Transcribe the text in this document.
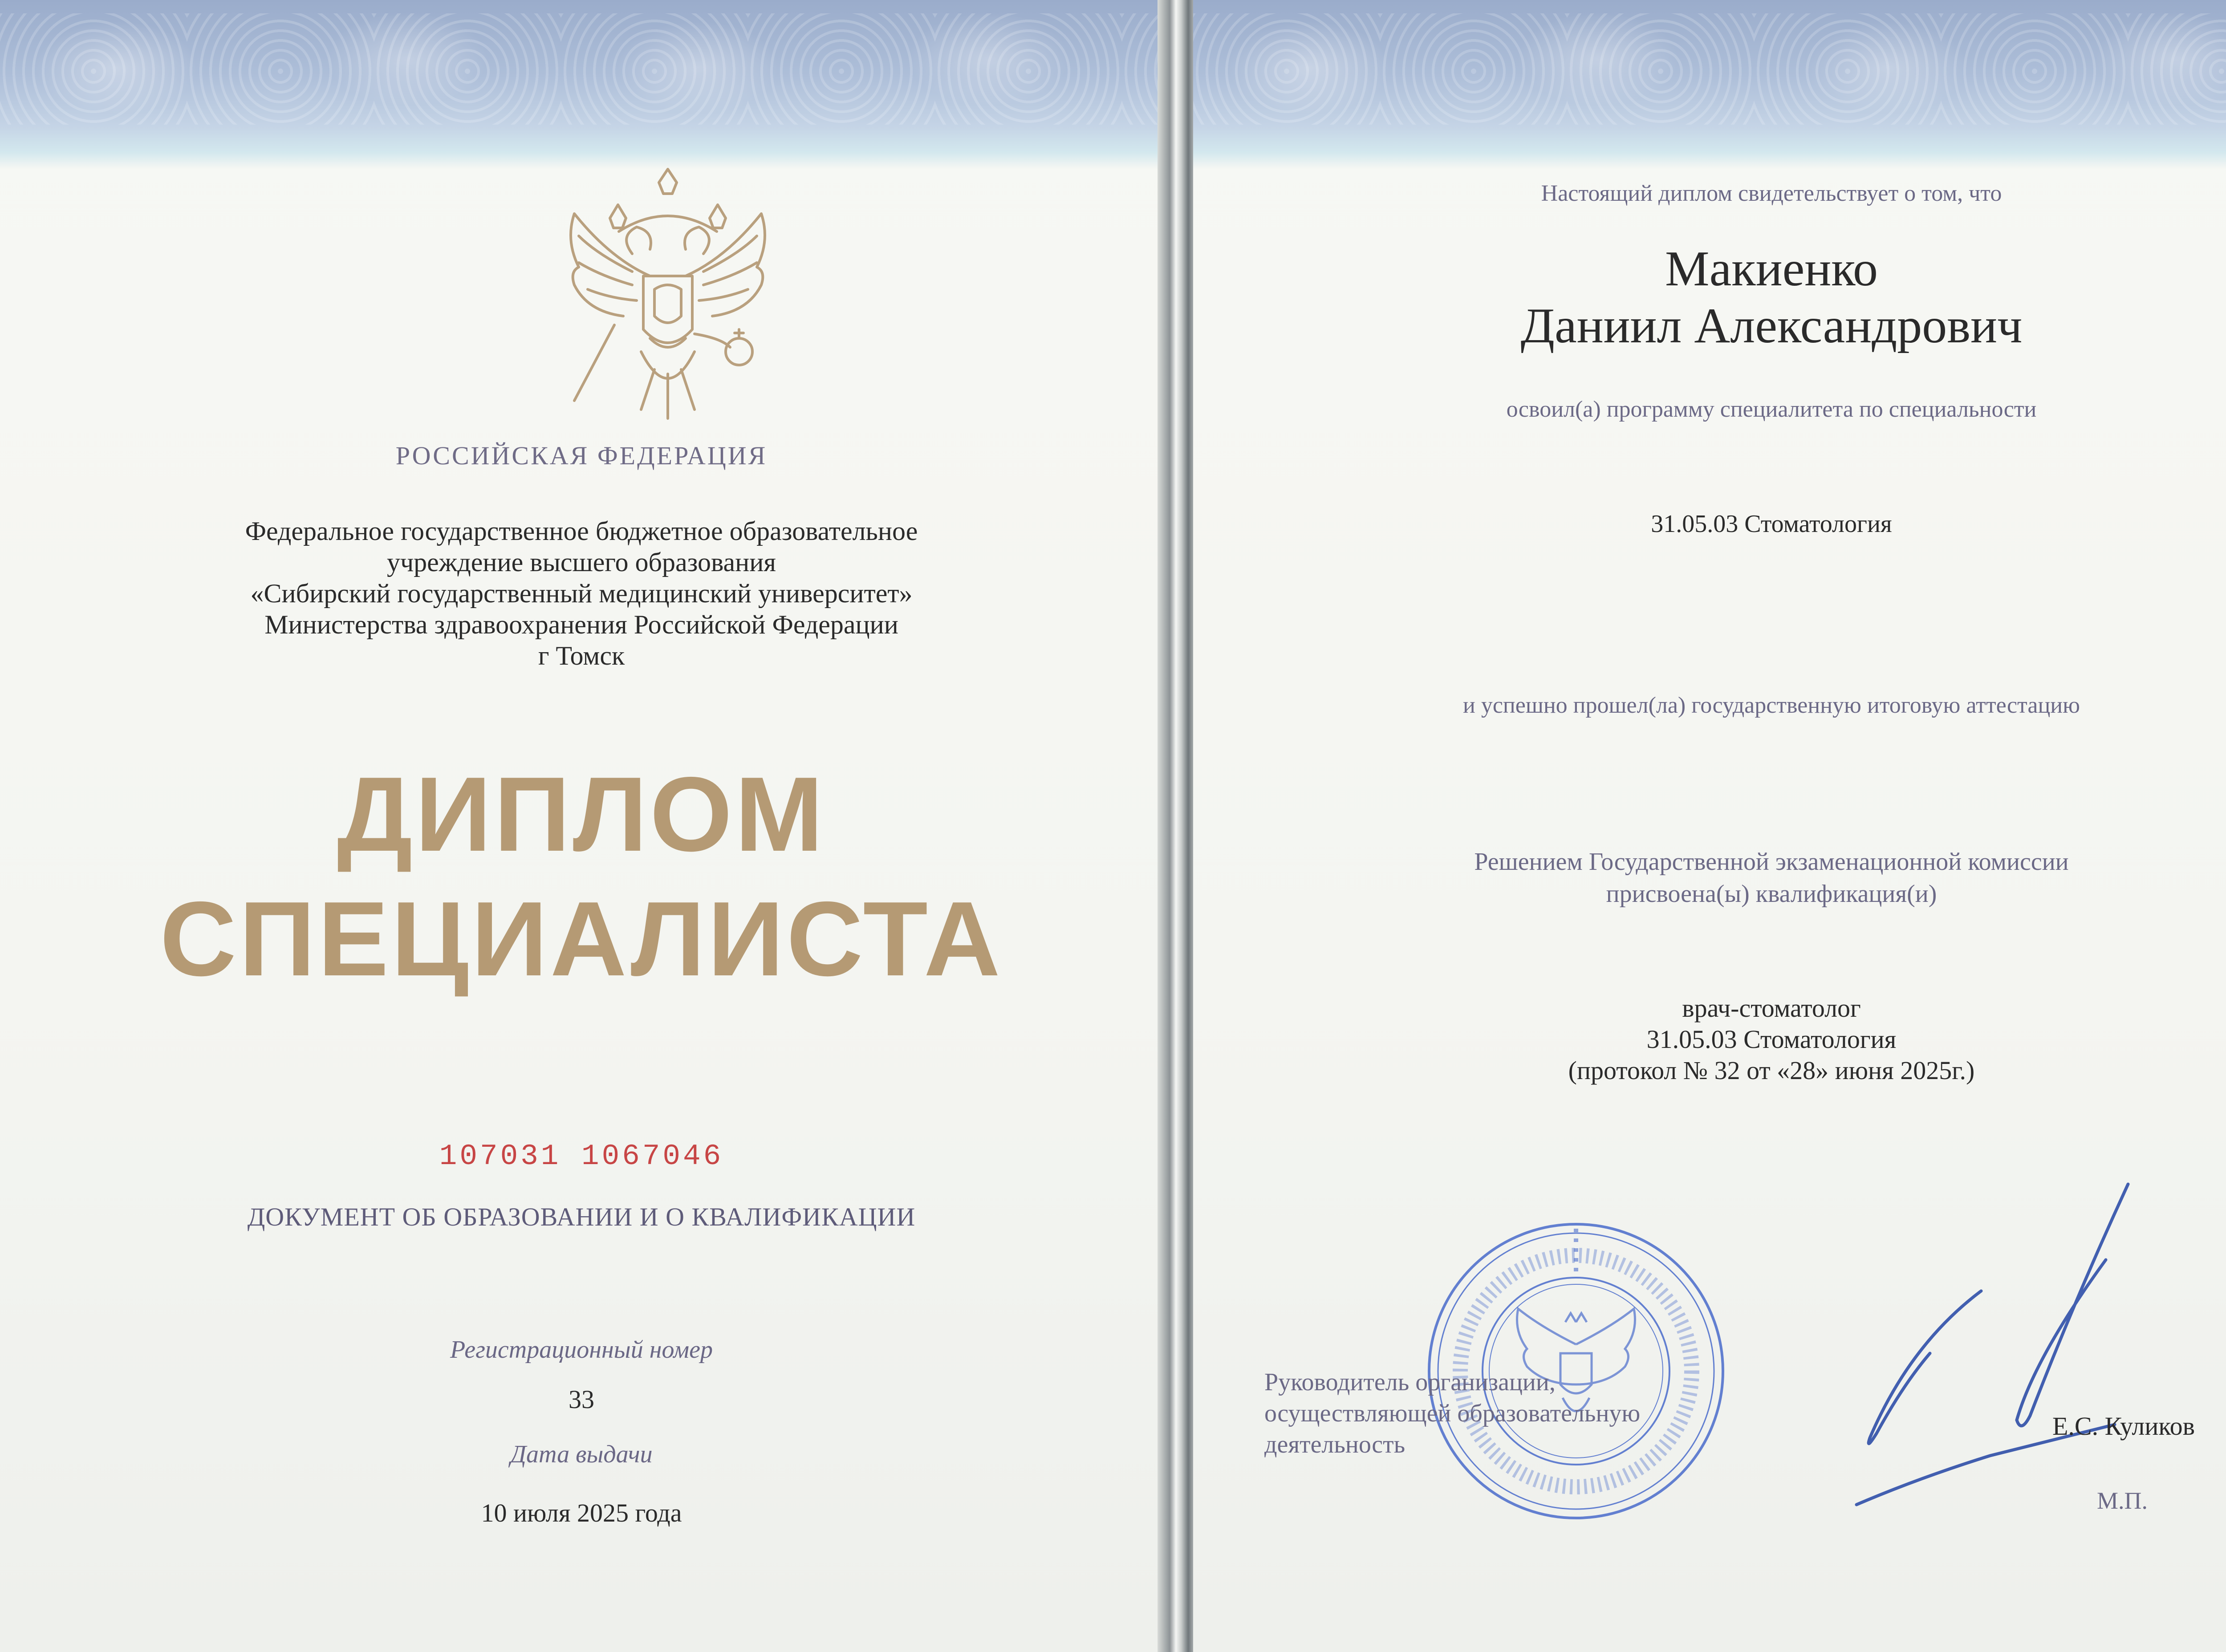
РОССИЙСКАЯ ФЕДЕРАЦИЯ
Федеральное государственное бюджетное образовательное
учреждение высшего образования
«Сибирский государственный медицинский университет»
Министерства здравоохранения Российской Федерации
г Томск
ДИПЛОМ
СПЕЦИАЛИСТА
107031 1067046
ДОКУМЕНТ ОБ ОБРАЗОВАНИИ И О КВАЛИФИКАЦИИ
Регистрационный номер
33
Дата выдачи
10 июля 2025 года
Настоящий диплом свидетельствует о том, что
Макиенко
Даниил Александрович
освоил(а) программу специалитета по специальности
31.05.03 Стоматология
и успешно прошел(ла) государственную итоговую аттестацию
Решением Государственной экзаменационной комиссии
присвоена(ы) квалификация(и)
врач-стоматолог
31.05.03 Стоматология
(протокол № 32 от «28» июня 2025г.)
Руководитель организации,
осуществляющей образовательную
деятельность
Е.С. Куликов
М.П.
